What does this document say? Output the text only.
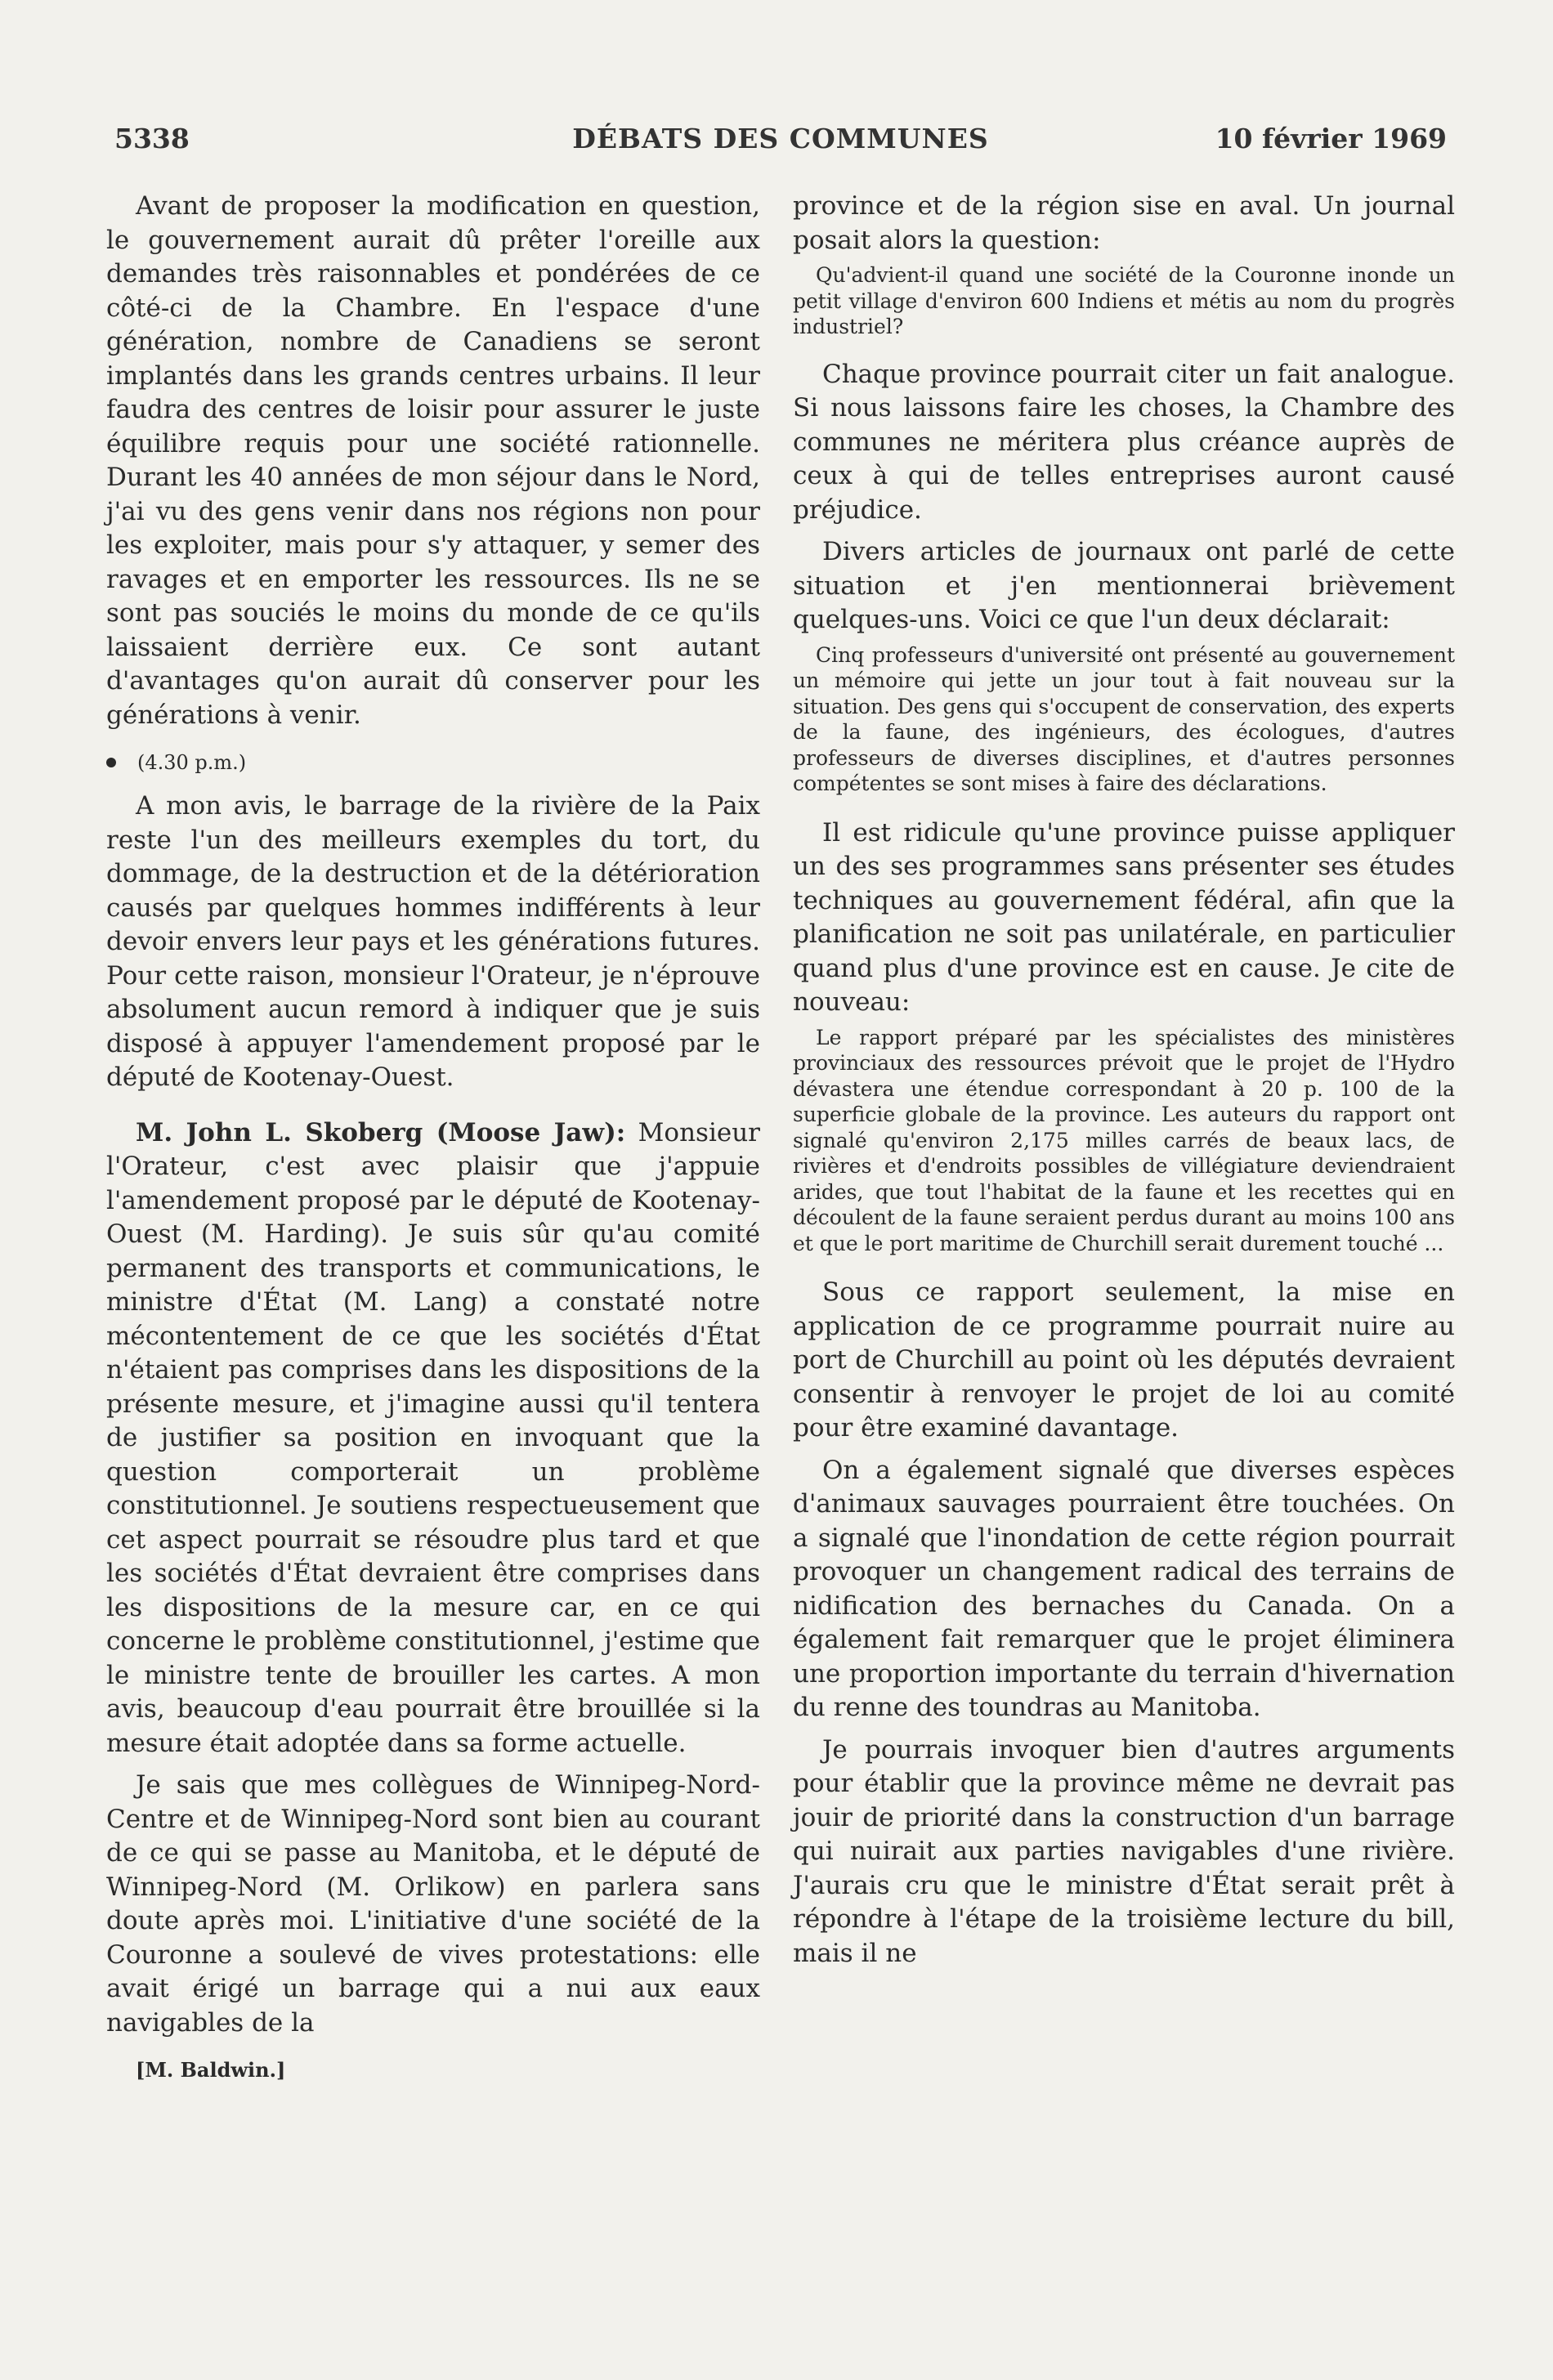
5338	DÉBATS DES COMMUNES	10 février 1969

Avant de proposer la modification en question, le gouvernement aurait dû prêter l'oreille aux demandes très raisonnables et pondérées de ce côté-ci de la Chambre. En l'espace d'une génération, nombre de Canadiens se seront implantés dans les grands centres urbains. Il leur faudra des centres de loisir pour assurer le juste équilibre requis pour une société rationnelle. Durant les 40 années de mon séjour dans le Nord, j'ai vu des gens venir dans nos régions non pour les exploiter, mais pour s'y attaquer, y semer des ravages et en emporter les ressources. Ils ne se sont pas souciés le moins du monde de ce qu'ils laissaient derrière eux. Ce sont autant d'avantages qu'on aurait dû conserver pour les générations à venir.

(4.30 p.m.)

A mon avis, le barrage de la rivière de la Paix reste l'un des meilleurs exemples du tort, du dommage, de la destruction et de la détérioration causés par quelques hommes indifférents à leur devoir envers leur pays et les générations futures. Pour cette raison, monsieur l'Orateur, je n'éprouve absolument aucun remord à indiquer que je suis disposé à appuyer l'amendement proposé par le député de Kootenay-Ouest.

M. John L. Skoberg (Moose Jaw): Monsieur l'Orateur, c'est avec plaisir que j'appuie l'amendement proposé par le député de Kootenay-Ouest (M. Harding). Je suis sûr qu'au comité permanent des transports et communications, le ministre d'État (M. Lang) a constaté notre mécontentement de ce que les sociétés d'État n'étaient pas comprises dans les dispositions de la présente mesure, et j'imagine aussi qu'il tentera de justifier sa position en invoquant que la question comporterait un problème constitutionnel. Je soutiens respectueusement que cet aspect pourrait se résoudre plus tard et que les sociétés d'État devraient être comprises dans les dispositions de la mesure car, en ce qui concerne le problème constitutionnel, j'estime que le ministre tente de brouiller les cartes. A mon avis, beaucoup d'eau pourrait être brouillée si la mesure était adoptée dans sa forme actuelle.

Je sais que mes collègues de Winnipeg-Nord-Centre et de Winnipeg-Nord sont bien au courant de ce qui se passe au Manitoba, et le député de Winnipeg-Nord (M. Orlikow) en parlera sans doute après moi. L'initiative d'une société de la Couronne a soulevé de vives protestations: elle avait érigé un barrage qui a nui aux eaux navigables de la

[M. Baldwin.]

province et de la région sise en aval. Un journal posait alors la question:

Qu'advient-il quand une société de la Couronne inonde un petit village d'environ 600 Indiens et métis au nom du progrès industriel?

Chaque province pourrait citer un fait analogue. Si nous laissons faire les choses, la Chambre des communes ne méritera plus créance auprès de ceux à qui de telles entreprises auront causé préjudice.

Divers articles de journaux ont parlé de cette situation et j'en mentionnerai brièvement quelques-uns. Voici ce que l'un deux déclarait:

Cinq professeurs d'université ont présenté au gouvernement un mémoire qui jette un jour tout à fait nouveau sur la situation. Des gens qui s'occupent de conservation, des experts de la faune, des ingénieurs, des écologues, d'autres professeurs de diverses disciplines, et d'autres personnes compétentes se sont mises à faire des déclarations.

Il est ridicule qu'une province puisse appliquer un des ses programmes sans présenter ses études techniques au gouvernement fédéral, afin que la planification ne soit pas unilatérale, en particulier quand plus d'une province est en cause. Je cite de nouveau:

Le rapport préparé par les spécialistes des ministères provinciaux des ressources prévoit que le projet de l'Hydro dévastera une étendue correspondant à 20 p. 100 de la superficie globale de la province. Les auteurs du rapport ont signalé qu'environ 2,175 milles carrés de beaux lacs, de rivières et d'endroits possibles de villégiature deviendraient arides, que tout l'habitat de la faune et les recettes qui en découlent de la faune seraient perdus durant au moins 100 ans et que le port maritime de Churchill serait durement touché ...

Sous ce rapport seulement, la mise en application de ce programme pourrait nuire au port de Churchill au point où les députés devraient consentir à renvoyer le projet de loi au comité pour être examiné davantage.

On a également signalé que diverses espèces d'animaux sauvages pourraient être touchées. On a signalé que l'inondation de cette région pourrait provoquer un changement radical des terrains de nidification des bernaches du Canada. On a également fait remarquer que le projet éliminera une proportion importante du terrain d'hivernation du renne des toundras au Manitoba.

Je pourrais invoquer bien d'autres arguments pour établir que la province même ne devrait pas jouir de priorité dans la construction d'un barrage qui nuirait aux parties navigables d'une rivière. J'aurais cru que le ministre d'État serait prêt à répondre à l'étape de la troisième lecture du bill, mais il ne
